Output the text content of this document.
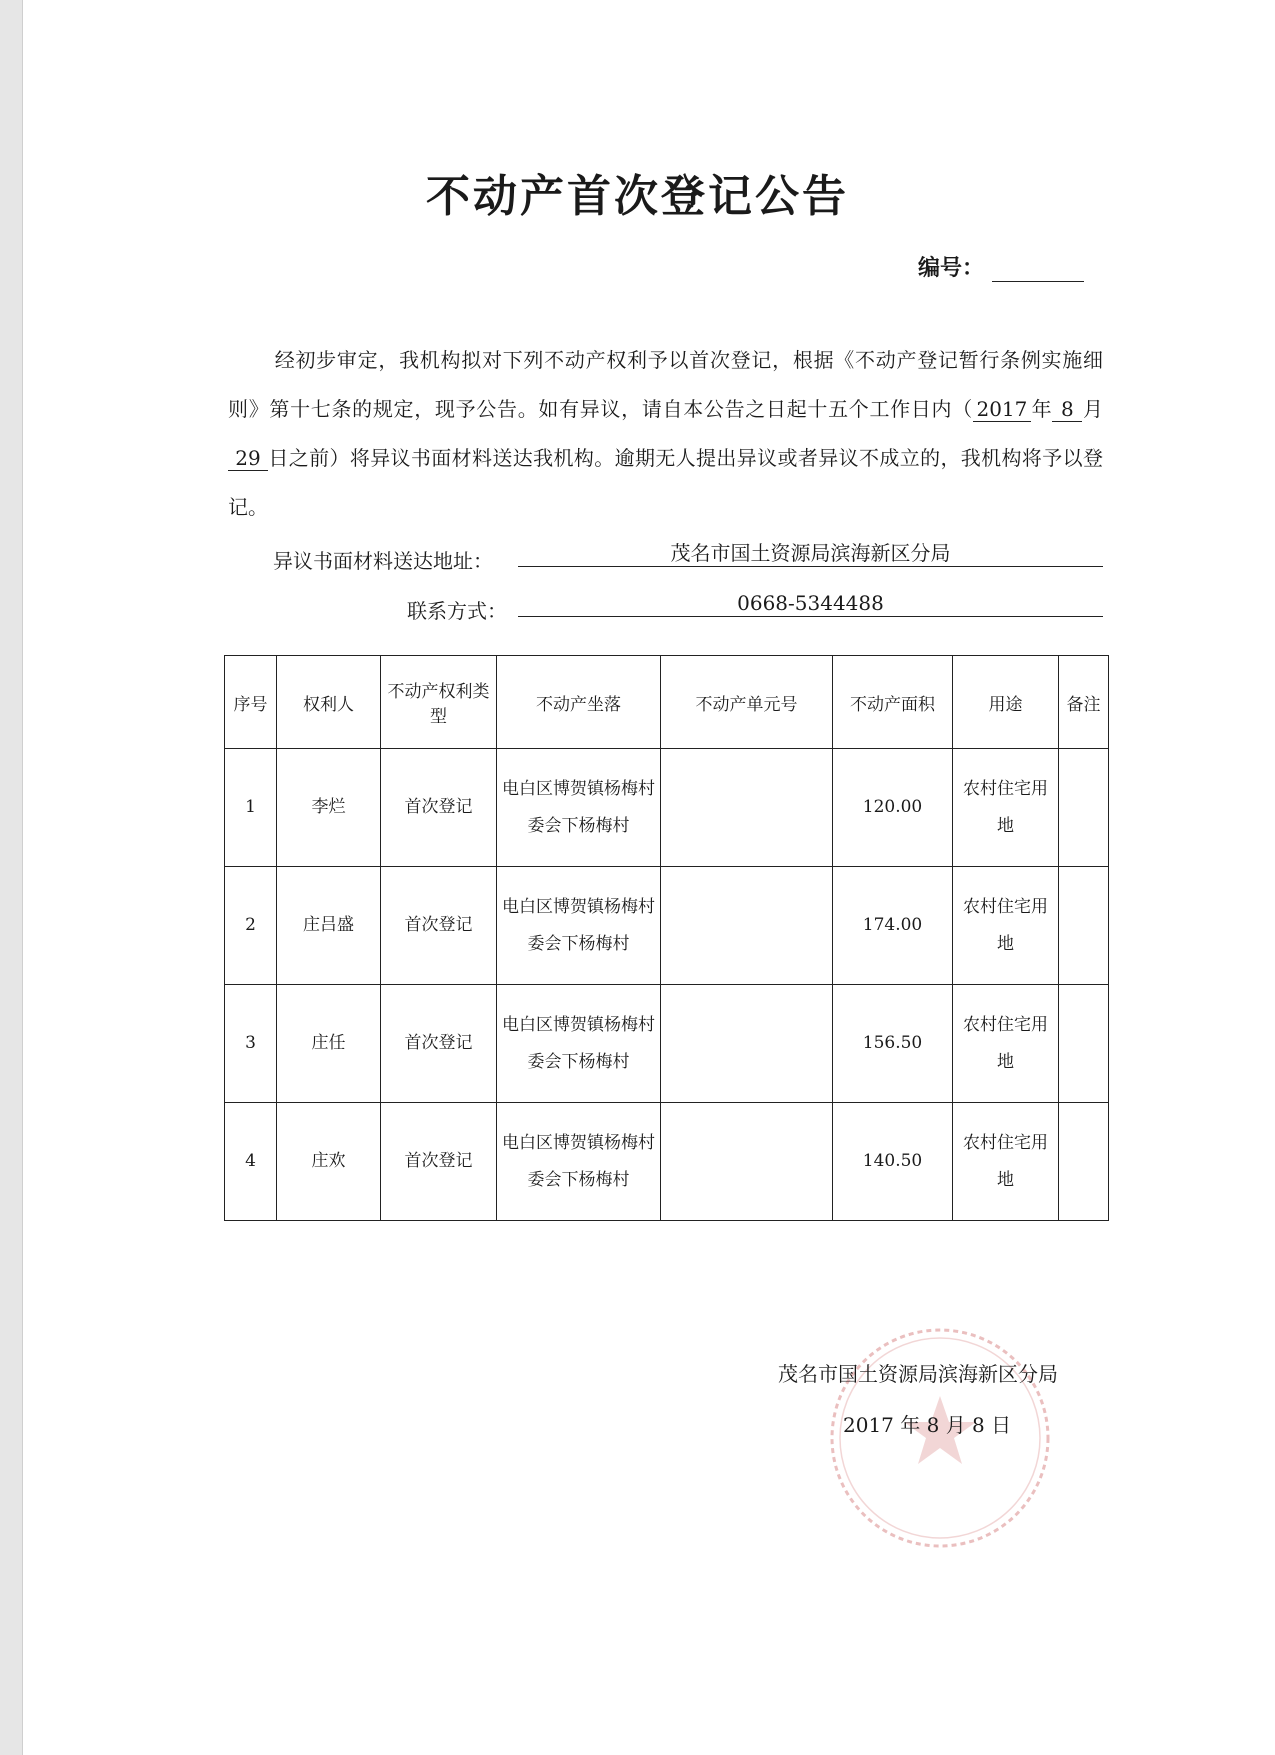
不动产首次登记公告
编号：
经初步审定，我机构拟对下列不动产权利予以首次登记，根据《不动产登记暂行条例实施细则》第十七条的规定，现予公告。如有异议，请自本公告之日起十五个工作日内（ 2017 年 8 月29 日之前）将异议书面材料送达我机构。逾期无人提出异议或者异议不成立的，我机构将予以登记。
异议书面材料送达地址：	茂名市国土资源局滨海新区分局
联系方式：	0668-5344488
序号	权利人	不动产权利类型	不动产坐落	不动产单元号	不动产面积	用途	备注
1	李烂	首次登记	电白区博贺镇杨梅村委会下杨梅村		120.00	农村住宅用地	
2	庄吕盛	首次登记	电白区博贺镇杨梅村委会下杨梅村		174.00	农村住宅用地	
3	庄任	首次登记	电白区博贺镇杨梅村委会下杨梅村		156.50	农村住宅用地	
4	庄欢	首次登记	电白区博贺镇杨梅村委会下杨梅村		140.50	农村住宅用地	
茂名市国土资源局滨海新区分局
2017 年 8 月 8 日
